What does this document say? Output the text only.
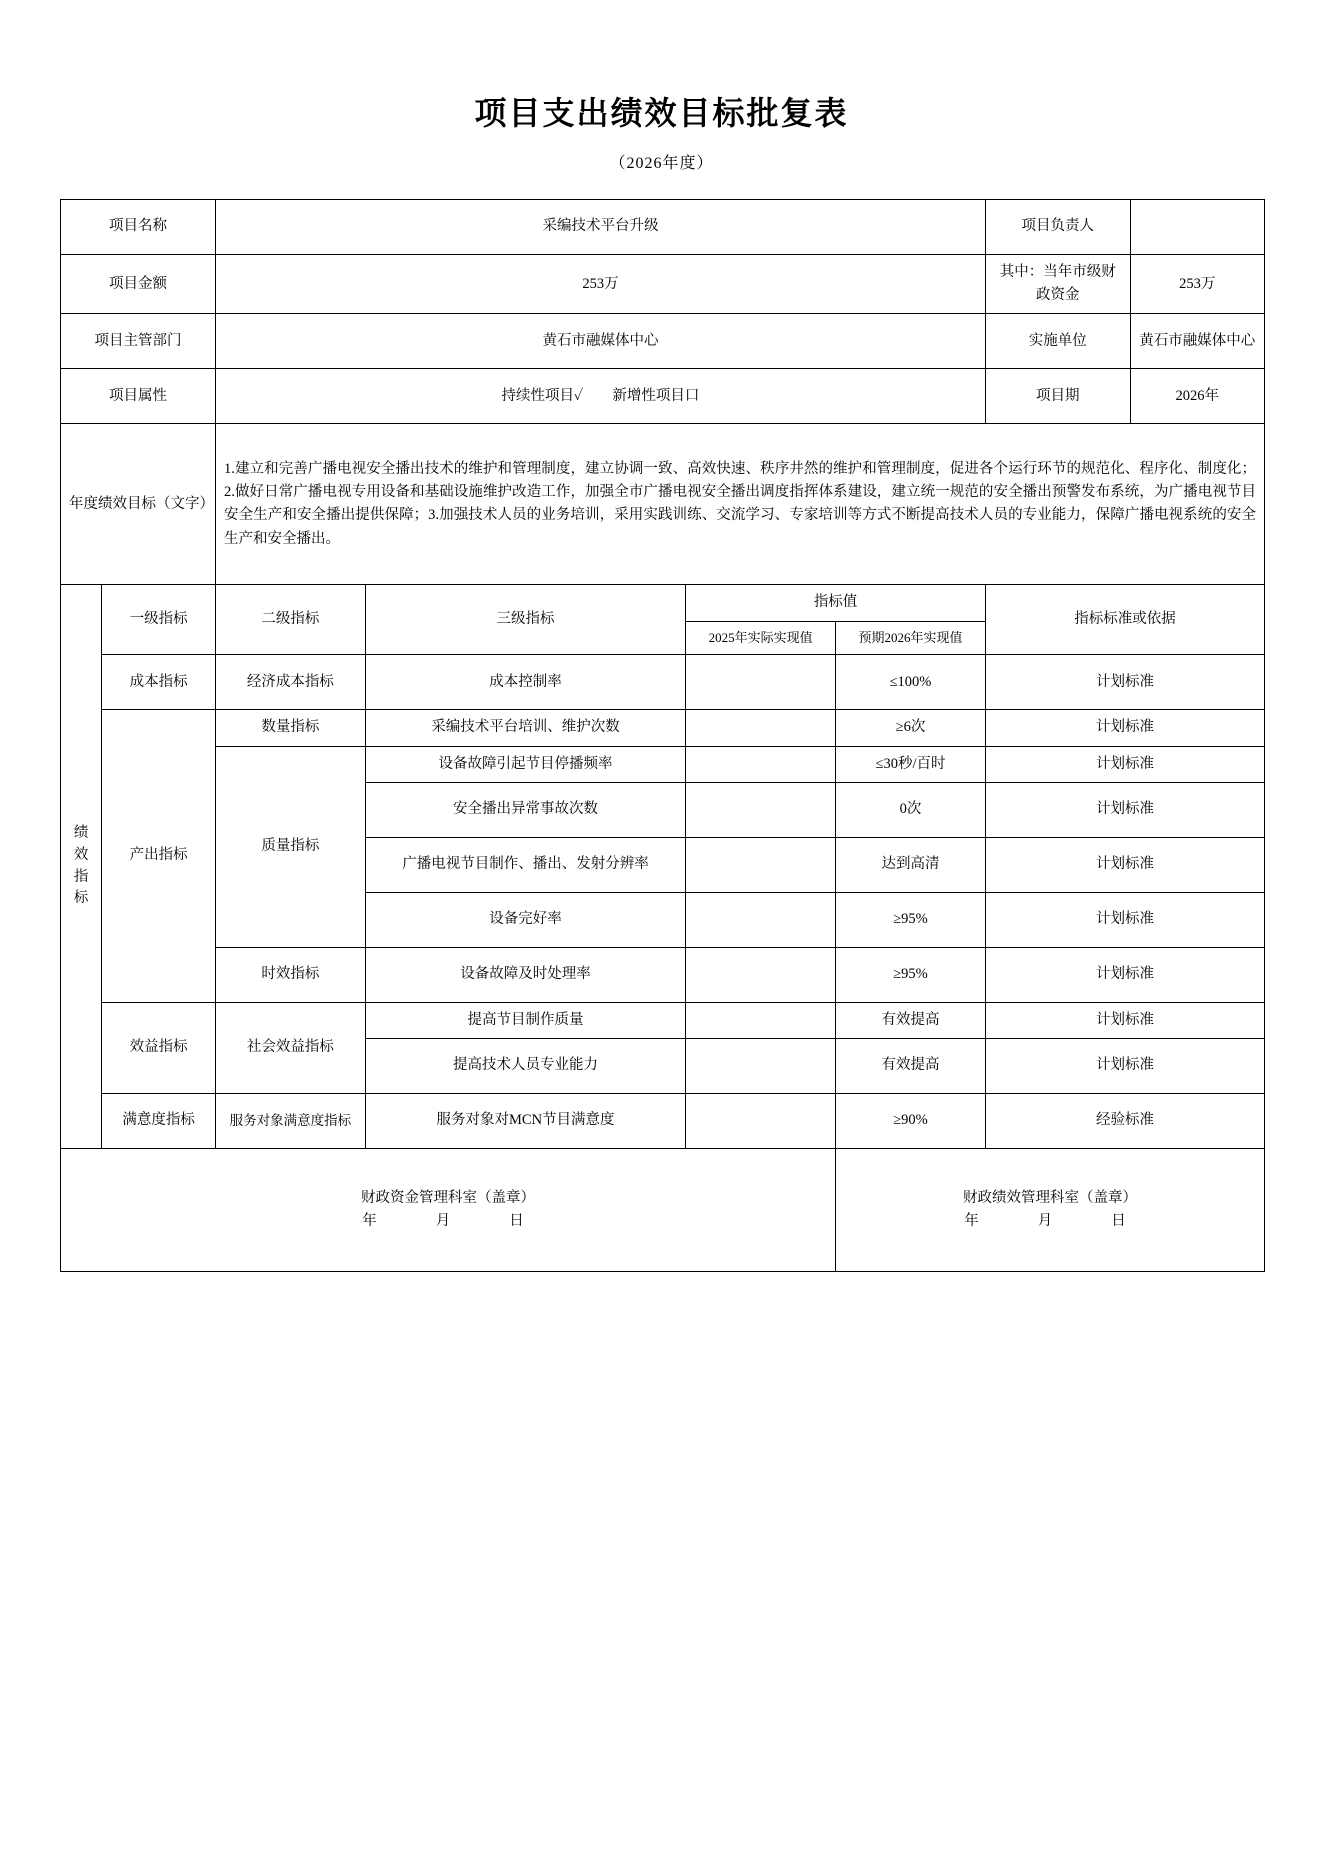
项目支出绩效目标批复表
（2026年度）
项目名称		采编技术平台升级				项目负责人	
项目金额		253万				其中：当年市级财政资金	253万
项目主管部门		黄石市融媒体中心				实施单位	黄石市融媒体中心
项目属性		持续性项目✓　　新增性项目口				项目期	2026年
年度绩效目标（文字）		1.建立和完善广播电视安全播出技术的维护和管理制度，建立协调一致、高效快速、秩序井然的维护和管理制度，促进各个运行环节的规范化、程序化、制度化；2.做好日常广播电视专用设备和基础设施维护改造工作，加强全市广播电视安全播出调度指挥体系建设，建立统一规范的安全播出预警发布系统，为广播电视节目安全生产和安全播出提供保障；3.加强技术人员的业务培训，采用实践训练、交流学习、专家培训等方式不断提高技术人员的专业能力，保障广播电视系统的安全生产和安全播出。					

绩效指标	一级指标	二级指标	三级指标	指标值		指标标准或依据	
				2025年实际实现值	预期2026年实现值		
	成本指标	经济成本指标	成本控制率		≤100%	计划标准	
	产出指标	数量指标	采编技术平台培训、维护次数		≥6次	计划标准	
		质量指标	设备故障引起节目停播频率		≤30秒/百时	计划标准	
			安全播出异常事故次数		0次	计划标准	
			广播电视节目制作、播出、发射分辨率		达到高清	计划标准	
			设备完好率		≥95%	计划标准	
		时效指标	设备故障及时处理率		≥95%	计划标准	
	效益指标	社会效益指标	提高节目制作质量		有效提高	计划标准	
			提高技术人员专业能力		有效提高	计划标准	
	满意度指标	服务对象满意度指标	服务对象对MCN节目满意度		≥90%	经验标准	

财政资金管理科室（盖章）
年　　月　　日

财政绩效管理科室（盖章）
年　　月　　日
